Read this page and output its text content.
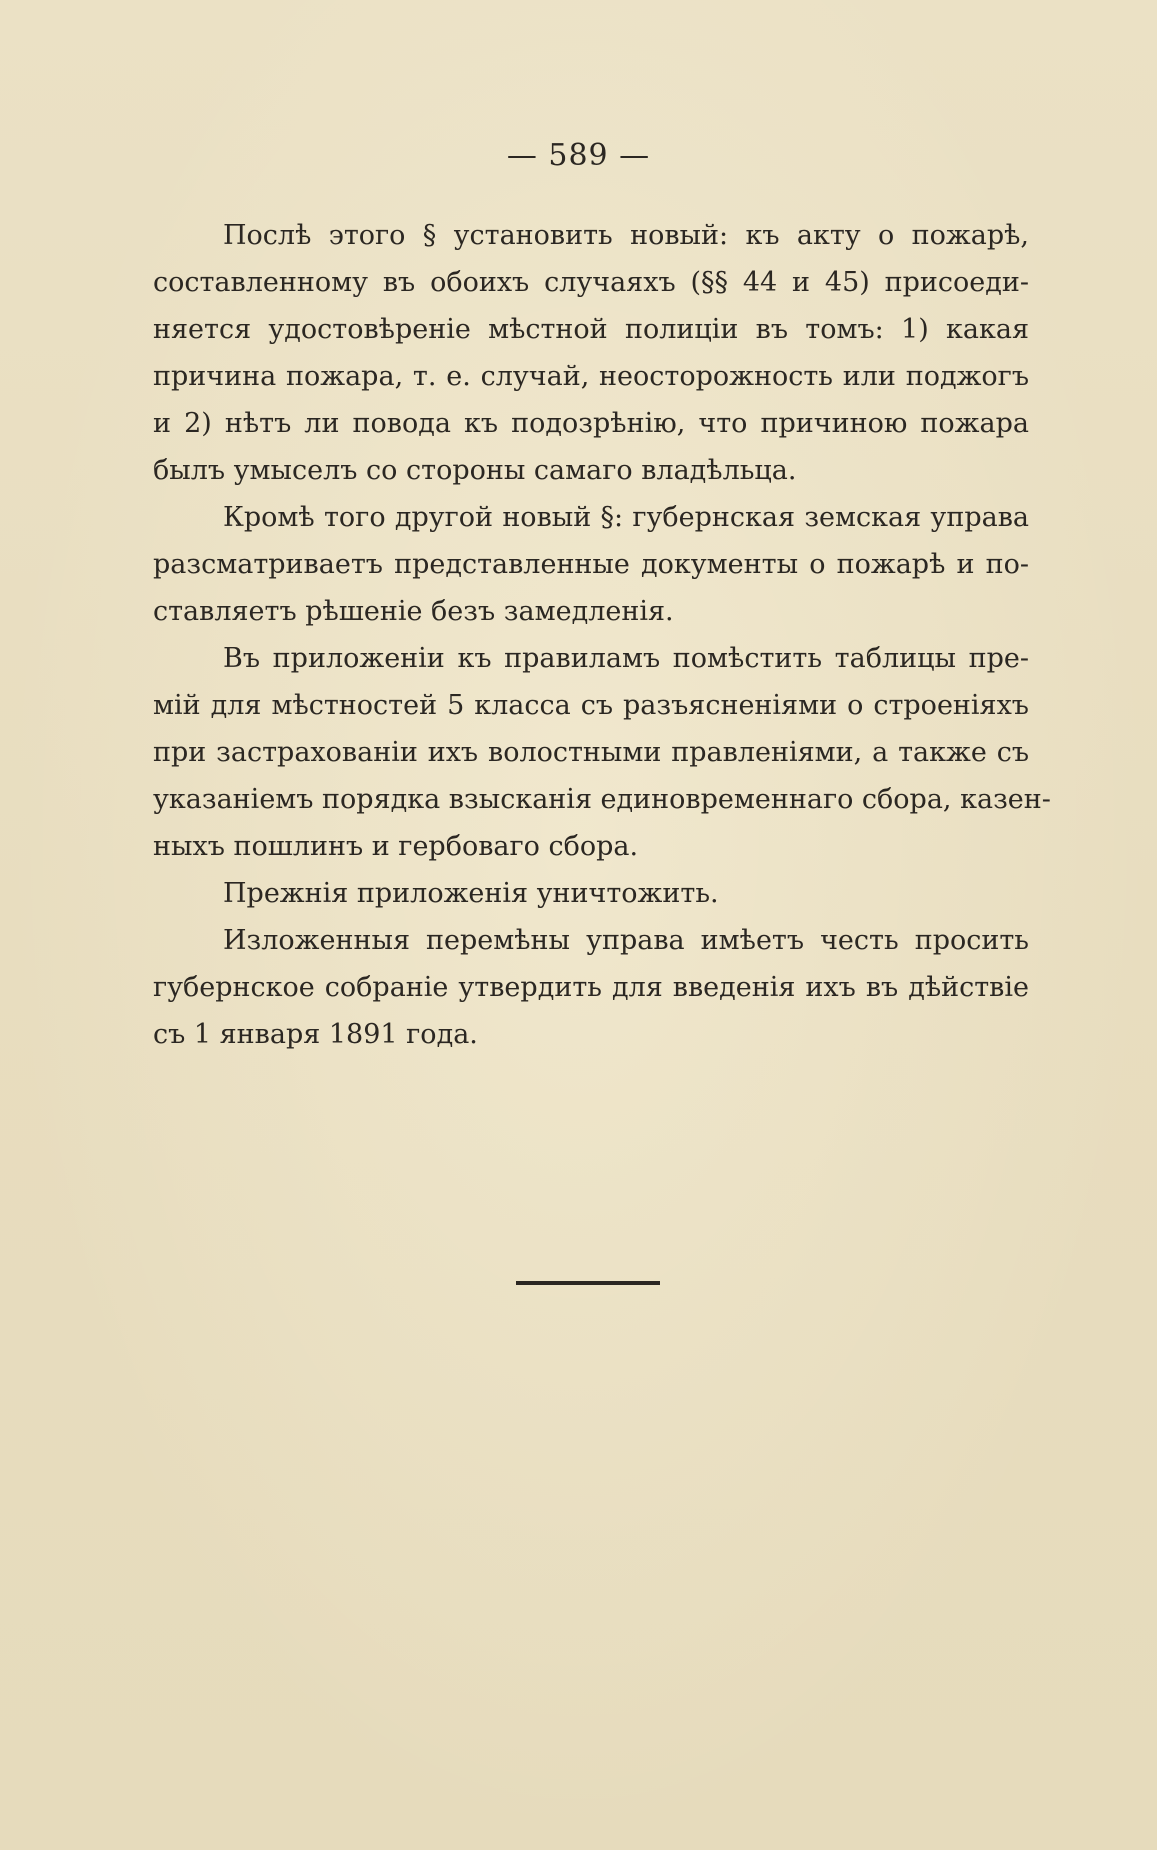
— 589 —
Послѣ этого § установить новый: къ акту о пожарѣ,
составленному въ обоихъ случаяхъ (§§ 44 и 45) присоеди-
няется удостовѣреніе мѣстной полиціи въ томъ: 1) какая
причина пожара, т. е. случай, неосторожность или поджогъ
и 2) нѣтъ ли повода къ подозрѣнію, что причиною пожара
былъ умыселъ со стороны самаго владѣльца.
Кромѣ того другой новый §: губернская земская управа
разсматриваетъ представленные документы о пожарѣ и по-
ставляетъ рѣшеніе безъ замедленія.
Въ приложеніи къ правиламъ помѣстить таблицы пре-
мій для мѣстностей 5 класса съ разъясненіями о строеніяхъ
при застрахованіи ихъ волостными правленіями, а также съ
указаніемъ порядка взысканія единовременнаго сбора, казен-
ныхъ пошлинъ и гербоваго сбора.
Прежнія приложенія уничтожить.
Изложенныя перемѣны управа имѣетъ честь просить
губернское собраніе утвердить для введенія ихъ въ дѣйствіе
съ 1 января 1891 года.
